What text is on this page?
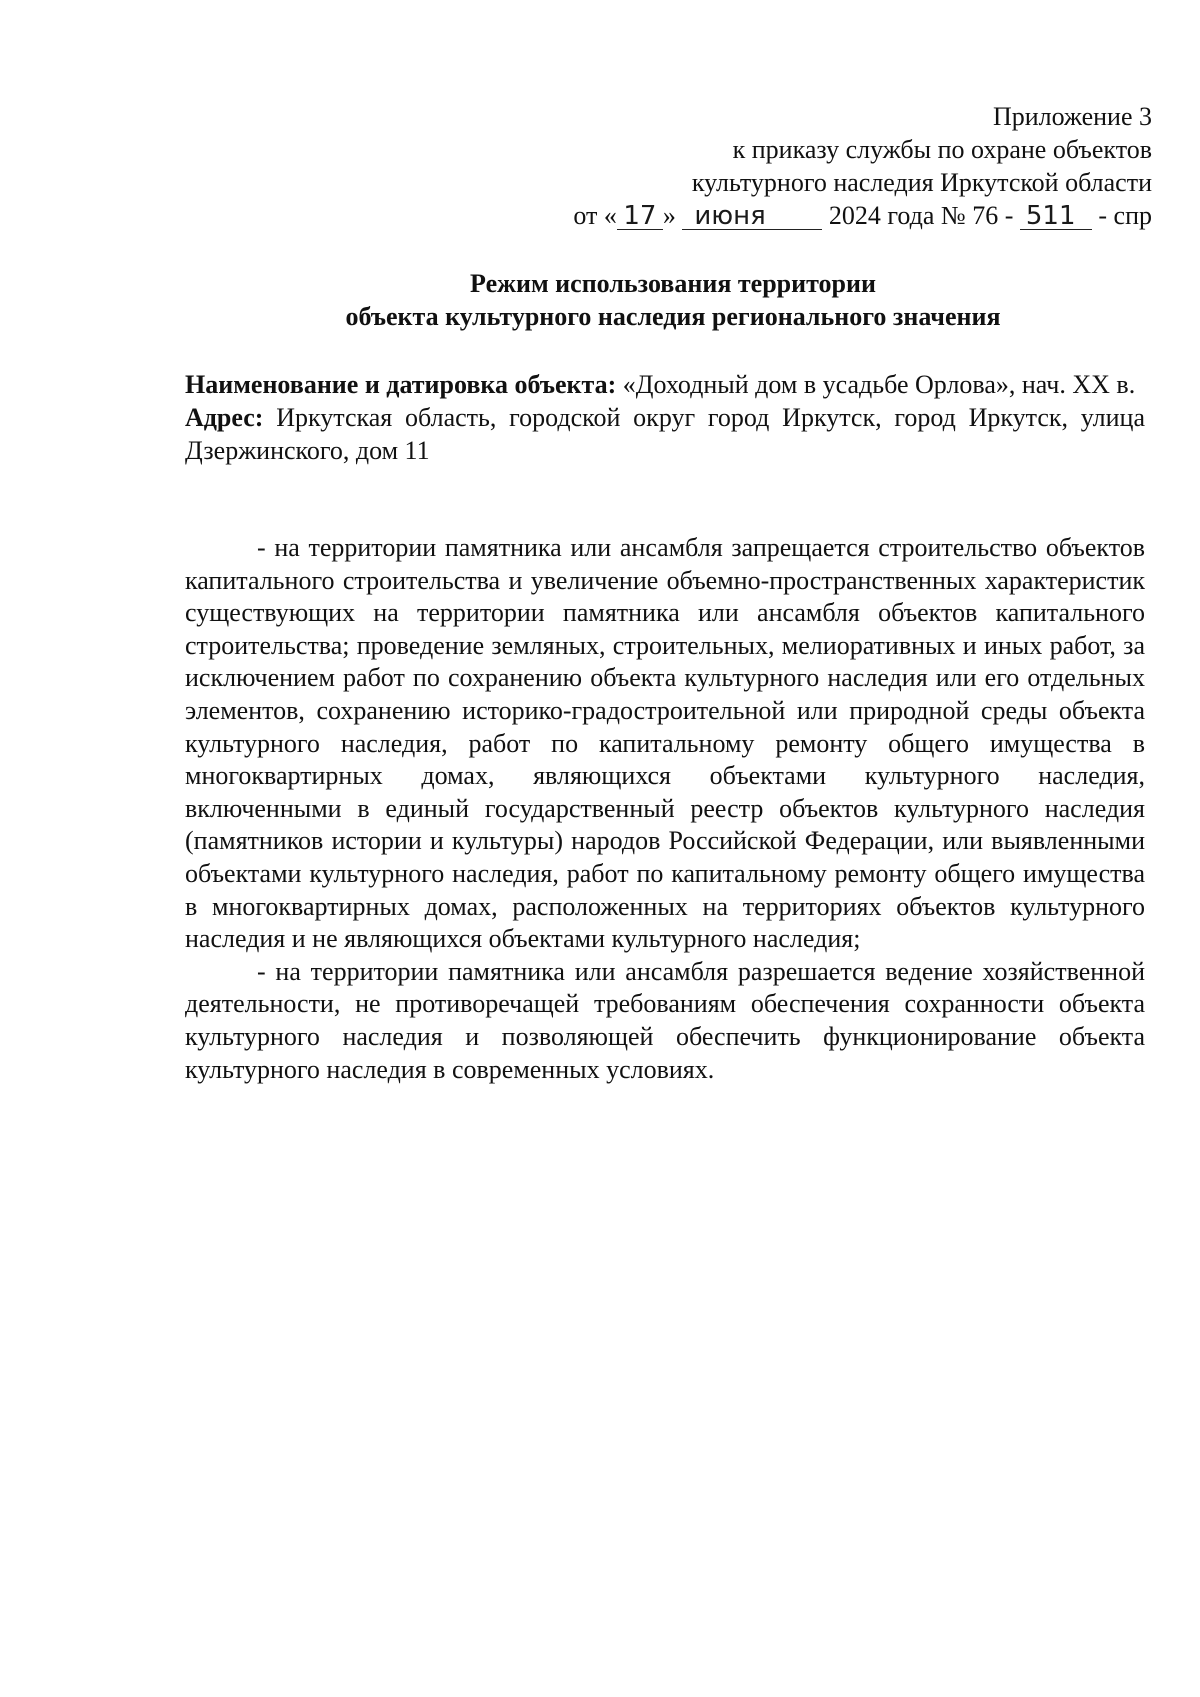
Приложение 3
к приказу службы по охране объектов
культурного наследия Иркутской области
от « 17 » июня 2024 года № 76 - 511 - спр
Режим использования территории
объекта культурного наследия регионального значения

Наименование и датировка объекта: «Доходный дом в усадьбе Орлова», нач. XX в.

Адрес: Иркутская область, городской округ город Иркутск, город Иркутск, улица Дзержинского, дом 11

- на территории памятника или ансамбля запрещается строительство объектов капитального строительства и увеличение объемно-пространственных характеристик существующих на территории памятника или ансамбля объектов капитального строительства; проведение земляных, строительных, мелиоративных и иных работ, за исключением работ по сохранению объекта культурного наследия или его отдельных элементов, сохранению историко-градостроительной или природной среды объекта культурного наследия, работ по капитальному ремонту общего имущества в многоквартирных домах, являющихся объектами культурного наследия, включенными в единый государственный реестр объектов культурного наследия (памятников истории и культуры) народов Российской Федерации, или выявленными объектами культурного наследия, работ по капитальному ремонту общего имущества в многоквартирных домах, расположенных на территориях объектов культурного наследия и не являющихся объектами культурного наследия;

- на территории памятника или ансамбля разрешается ведение хозяйственной деятельности, не противоречащей требованиям обеспечения сохранности объекта культурного наследия и позволяющей обеспечить функционирование объекта культурного наследия в современных условиях.
